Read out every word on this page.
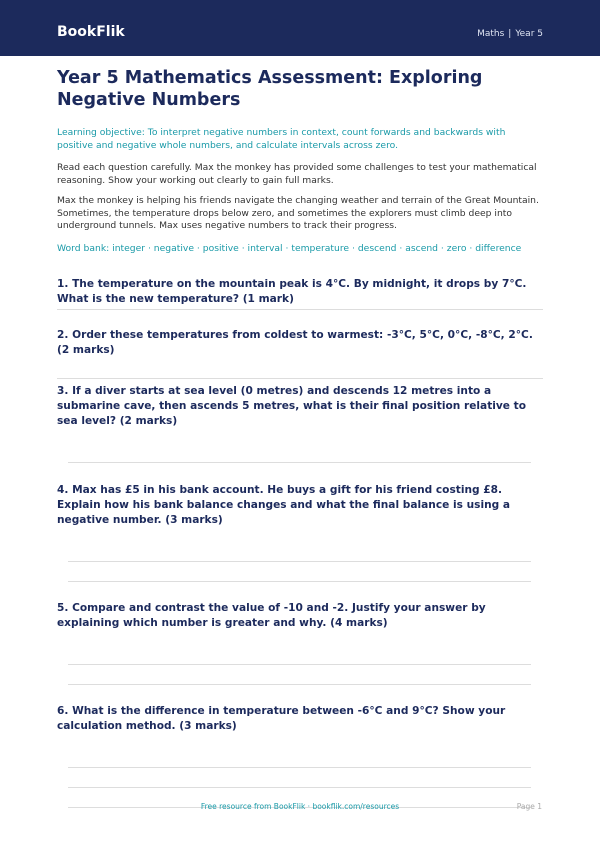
BookFlik	Maths | Year 5
Year 5 Mathematics Assessment: Exploring Negative Numbers

Learning objective: To interpret negative numbers in context, count forwards and backwards with positive and negative whole numbers, and calculate intervals across zero.

Read each question carefully. Max the monkey has provided some challenges to test your mathematical reasoning. Show your working out clearly to gain full marks.

Max the monkey is helping his friends navigate the changing weather and terrain of the Great Mountain. Sometimes, the temperature drops below zero, and sometimes the explorers must climb deep into underground tunnels. Max uses negative numbers to track their progress.

Word bank: integer · negative · positive · interval · temperature · descend · ascend · zero · difference

1. The temperature on the mountain peak is 4°C. By midnight, it drops by 7°C. What is the new temperature? (1 mark)

2. Order these temperatures from coldest to warmest: -3°C, 5°C, 0°C, -8°C, 2°C. (2 marks)

3. If a diver starts at sea level (0 metres) and descends 12 metres into a submarine cave, then ascends 5 metres, what is their final position relative to sea level? (2 marks)

4. Max has £5 in his bank account. He buys a gift for his friend costing £8. Explain how his bank balance changes and what the final balance is using a negative number. (3 marks)

5. Compare and contrast the value of -10 and -2. Justify your answer by explaining which number is greater and why. (4 marks)

6. What is the difference in temperature between -6°C and 9°C? Show your calculation method. (3 marks)

Free resource from BookFlik · bookflik.com/resources	Page 1
